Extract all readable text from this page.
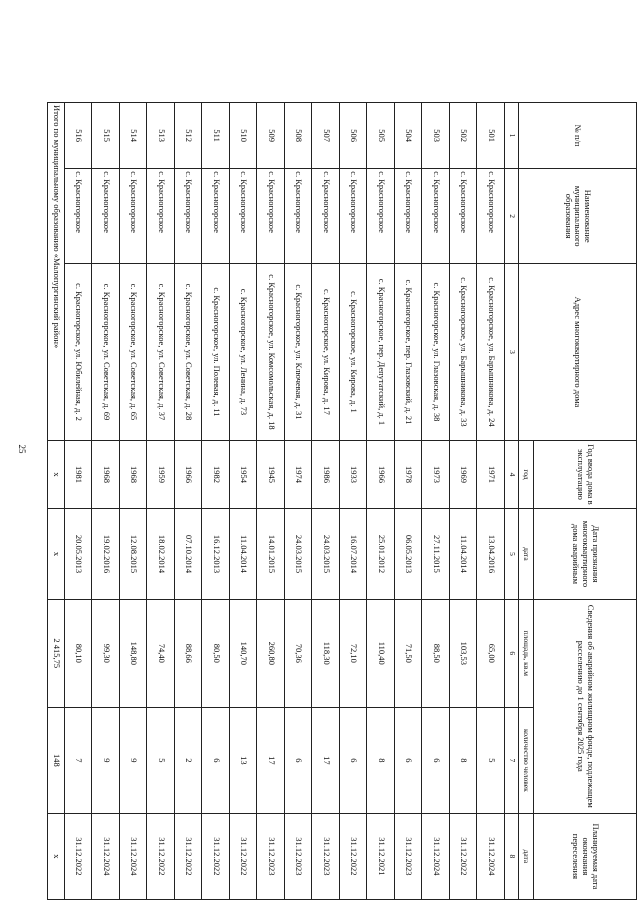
25
№ п/п	Наименование муниципального образования	Адрес многоквартирного дома	Год ввода дома в эксплуатацию	Дата признания многоквартирного дома аварийным	Сведения об аварийном жилищном фонде, подлежащем расселению до 1 сентября 2025 года		Планируемая дата окончания переселения
			год	дата	площадь, кв.м	количество человек	дата
1	2	3	4	5	6	7	8
501	с. Красногорское	с. Красногорское, ул. Барышникова, д. 24	1971	13.04.2016	65,00	5	31.12.2024
502	с. Красногорское	с. Красногорское, ул. Барышникова, д. 33	1969	11.04.2014	103,53	8	31.12.2022
503	с. Красногорское	с. Красногорское, ул. Глазовская, д. 38	1973	27.11.2015	88,50	6	31.12.2024
504	с. Красногорское	с. Красногорское, пер. Глазовский, д. 21	1978	06.05.2013	71,50	6	31.12.2023
505	с. Красногорское	с. Красногорское, пер. Депутатский, д. 1	1966	25.01.2012	110,40	8	31.12.2021
506	с. Красногорское	с. Красногорское, ул. Кирова, д. 1	1933	16.07.2014	72,10	6	31.12.2022
507	с. Красногорское	с. Красногорское, ул. Кирова, д. 17	1986	24.03.2015	118,30	17	31.12.2023
508	с. Красногорское	с. Красногорское, ул. Ключевая, д. 31	1974	24.03.2015	70,36	6	31.12.2023
509	с. Красногорское	с. Красногорское, ул. Комсомольская, д. 18	1945	14.01.2015	260,80	17	31.12.2023
510	с. Красногорское	с. Красногорское, ул. Ленина, д. 73	1954	11.04.2014	140,70	13	31.12.2022
511	с. Красногорское	с. Красногорское, ул. Полевая, д. 11	1982	16.12.2013	80,50	6	31.12.2022
512	с. Красногорское	с. Красногорское, ул. Советская, д. 28	1966	07.10.2014	88,66	2	31.12.2022
513	с. Красногорское	с. Красногорское, ул. Советская, д. 37	1959	18.02.2014	74,40	5	31.12.2022
514	с. Красногорское	с. Красногорское, ул. Советская, д. 65	1968	12.08.2015	148,80	9	31.12.2024
515	с. Красногорское	с. Красногорское, ул. Советская, д. 69	1968	19.02.2016	99,30	9	31.12.2024
516	с. Красногорское	с. Красногорское, ул. Юбилейная, д. 2	1981	20.05.2013	80,10	7	31.12.2022
Итого по муниципальному образованию «Малопургинский район»			x	x	2 415,75	148	x
